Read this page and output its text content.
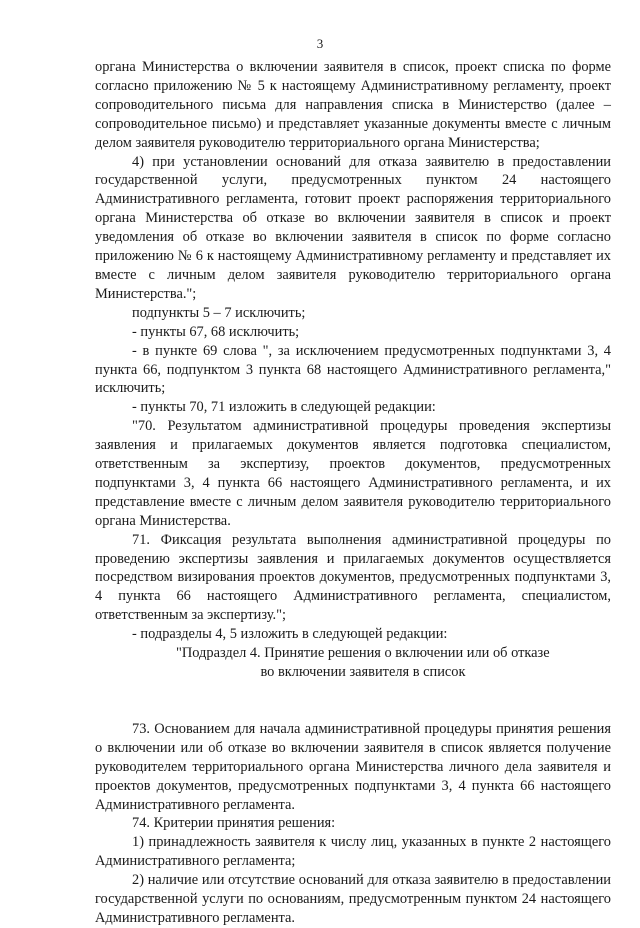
3

органа Министерства о включении заявителя в список, проект списка по форме согласно приложению № 5 к настоящему Административному регламенту, проект сопроводительного письма для направления списка в Министерство (далее – сопроводительное письмо) и представляет указанные документы вместе с личным делом заявителя руководителю территориального органа Министерства;

4) при установлении оснований для отказа заявителю в предоставлении государственной услуги, предусмотренных пунктом 24 настоящего Административного регламента, готовит проект распоряжения территориального органа Министерства об отказе во включении заявителя в список и проект уведомления об отказе во включении заявителя в список по форме согласно приложению № 6 к настоящему Административному регламенту и представляет их вместе с личным делом заявителя руководителю территориального органа Министерства.";

подпункты 5 – 7 исключить;

- пункты 67, 68 исключить;

- в пункте 69 слова ", за исключением предусмотренных подпунктами 3, 4 пункта 66, подпунктом 3 пункта 68 настоящего Административного регламента," исключить;

- пункты 70, 71 изложить в следующей редакции:

"70. Результатом административной процедуры проведения экспертизы заявления и прилагаемых документов является подготовка специалистом, ответственным за экспертизу, проектов документов, предусмотренных подпунктами 3, 4 пункта 66 настоящего Административного регламента, и их представление вместе с личным делом заявителя руководителю территориального органа Министерства.

71. Фиксация результата выполнения административной процедуры по проведению экспертизы заявления и прилагаемых документов осуществляется посредством визирования проектов документов, предусмотренных подпунктами 3, 4 пункта 66 настоящего Административного регламента, специалистом, ответственным за экспертизу.";

- подразделы 4, 5 изложить в следующей редакции:

"Подраздел 4. Принятие решения о включении или об отказе
во включении заявителя в список

73. Основанием для начала административной процедуры принятия решения о включении или об отказе во включении заявителя в список является получение руководителем территориального органа Министерства личного дела заявителя и проектов документов, предусмотренных подпунктами 3, 4 пункта 66 настоящего Административного регламента.

74. Критерии принятия решения:

1) принадлежность заявителя к числу лиц, указанных в пункте 2 настоящего Административного регламента;

2) наличие или отсутствие оснований для отказа заявителю в предоставлении государственной услуги по основаниям, предусмотренным пунктом 24 настоящего Административного регламента.
